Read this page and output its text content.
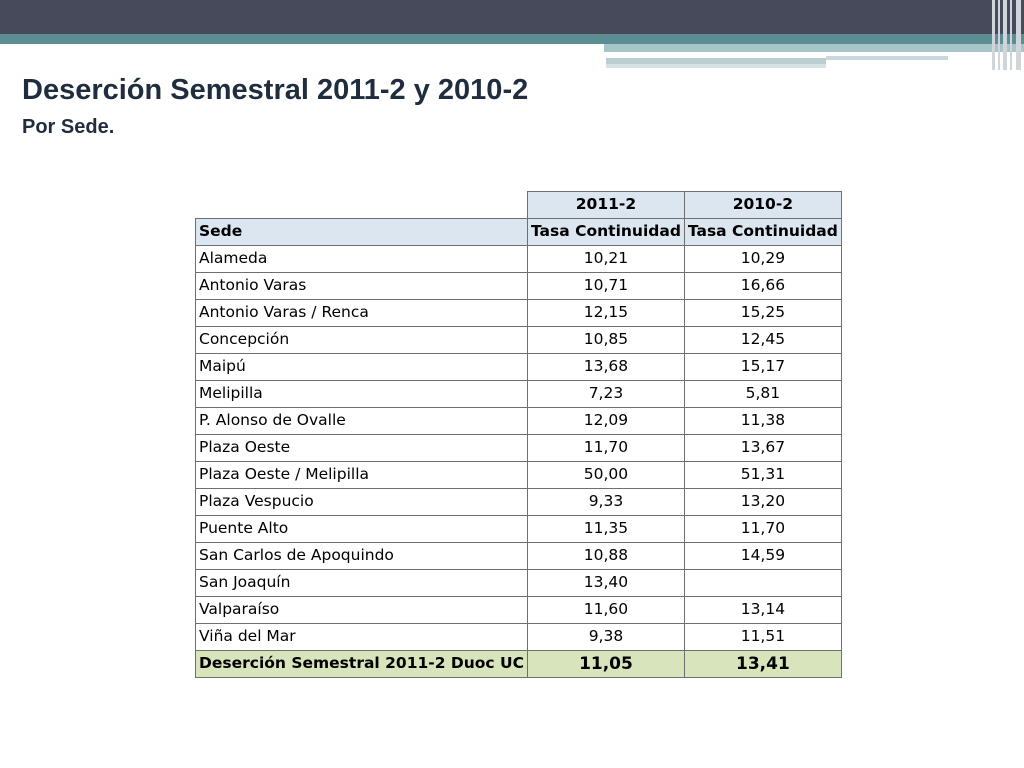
Deserción Semestral 2011-2 y 2010-2
Por Sede.
	2011-2	2010-2
Sede	Tasa Continuidad	Tasa Continuidad
Alameda	10,21	10,29
Antonio Varas	10,71	16,66
Antonio Varas / Renca	12,15	15,25
Concepción	10,85	12,45
Maipú	13,68	15,17
Melipilla	7,23	5,81
P. Alonso de Ovalle	12,09	11,38
Plaza Oeste	11,70	13,67
Plaza Oeste / Melipilla	50,00	51,31
Plaza Vespucio	9,33	13,20
Puente Alto	11,35	11,70
San Carlos de Apoquindo	10,88	14,59
San Joaquín	13,40	
Valparaíso	11,60	13,14
Viña del Mar	9,38	11,51
Deserción Semestral 2011-2 Duoc UC	11,05	13,41
